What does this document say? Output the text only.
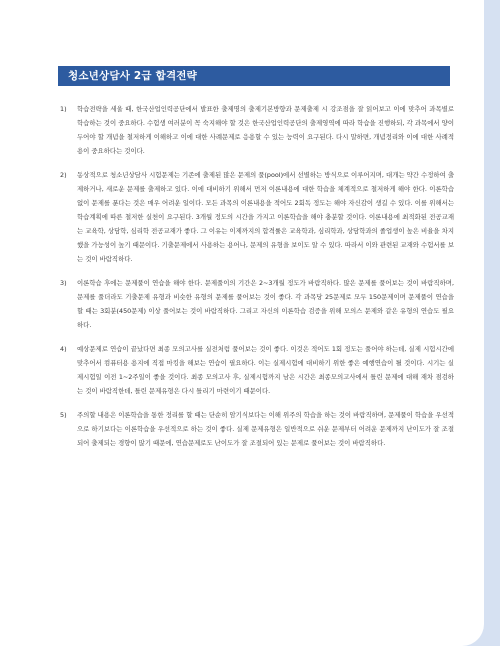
청소년상담사 2급 합격전략
1) 학습전략을 세울 때, 한국산업인력공단에서 발표한 출제명의 출제기본방향과 문제출제 시 강조점을 잘 읽어보고 이에 맞추어 과목별로 학습하는 것이 중요하다. 수험생 여러분이 꼭 숙지해야 할 것은 한국산업인력공단의 출제영역에 따라 학습을 진행하되, 각 과목에서 양이두어야 할 개념을 철저하게 이해하고 이에 대한 사례문제로 응용할 수 있는 능력이 요구된다. 다시 말하면, 개념정리와 이에 대한 사례적용이 중요하다는 것이다.
2) 동상적으로 청소년상담사 시험문제는 기존에 출제된 많은 문제의 풀(pool)에서 선별하는 방식으로 이루어지며, 대개는 약간 수정하여 출제하거나, 새로운 문제를 출제하고 있다. 이에 대비하기 위해서 먼저 이론내용에 대한 학습을 체계적으로 철저하게 해야 한다. 이론학습 없이 문제를 푼다는 것은 매우 어려운 일이다. 모든 과목의 이론내용을 적어도 2회독 정도는 해야 자신감이 생길 수 있다. 이를 위해서는 학습계획에 따른 철저한 실천이 요구된다. 3개월 정도의 시간을 가지고 이론학습을 해야 충분할 것이다. 이론내용에 최적화된 전공교재는 교육학, 상담학, 심리학 전공교재가 좋다. 그 이유는 이제까지의 합격률은 교육학과, 심리학과, 상담학과의 졸업생이 높은 비율을 차지했을 가능성이 높기 때문이다. 기출문제에서 사용하는 용어나, 문제의 유형을 보이도 알 수 있다. 따라서 이와 관련된 교재와 수험서를 보는 것이 바람직하다.
3) 이론학습 후에는 문제풀이 연습을 해야 한다. 문제풀이의 기간은 2~3개월 정도가 바람직하다. 많은 문제를 풀어보는 것이 바람직하며, 문제를 풀더라도 기출문제 유형과 비슷한 유형의 문제를 풀어보는 것이 좋다. 각 과목당 25문제로 모두 150문제이며 문제풀이 연습을 할 때는 3회분(450문제) 이상 풀어보는 것이 바람직하다. 그리고 자신의 이론학습 검증을 위해 모의스 문제와 같은 유형의 연습도 필요하다.
4) 예상문제로 연습이 끝났다면 최종 모의고사를 실전처럼 풀어보는 것이 좋다. 이것은 적어도 1회 정도는 풀어야 하는데, 실제 시험시간에 맞추어서 컴퓨터용 용지에 직접 마킹을 해보는 연습이 필요하다. 이는 실제시험에 대비하기 위한 좋은 예행연습이 될 것이다. 시기는 실제시험일 이전 1~2주일이 좋을 것이다. 최종 모의고사 후, 실제시험까지 남은 시간은 최종모의고사에서 틀린 문제에 대해 재차 점검하는 것이 바람직한데, 틀린 문제유형은 다시 틀리기 마련이기 때문이다.
5) 주의할 내용은 이론학습을 통한 정리를 할 때는 단순히 암기식보다는 이해 위주의 학습을 하는 것이 바람직하며, 문제풀이 학습을 우선적으로 하기보다는 이론학습을 우선적으로 하는 것이 좋다. 실제 문제유형은 일반적으로 쉬운 문제부터 어려운 문제까지 난이도가 잘 조절되어 출제되는 경향이 많기 때문에, 연습문제로도 난이도가 잘 조절되어 있는 문제로 풀어보는 것이 바람직하다.
